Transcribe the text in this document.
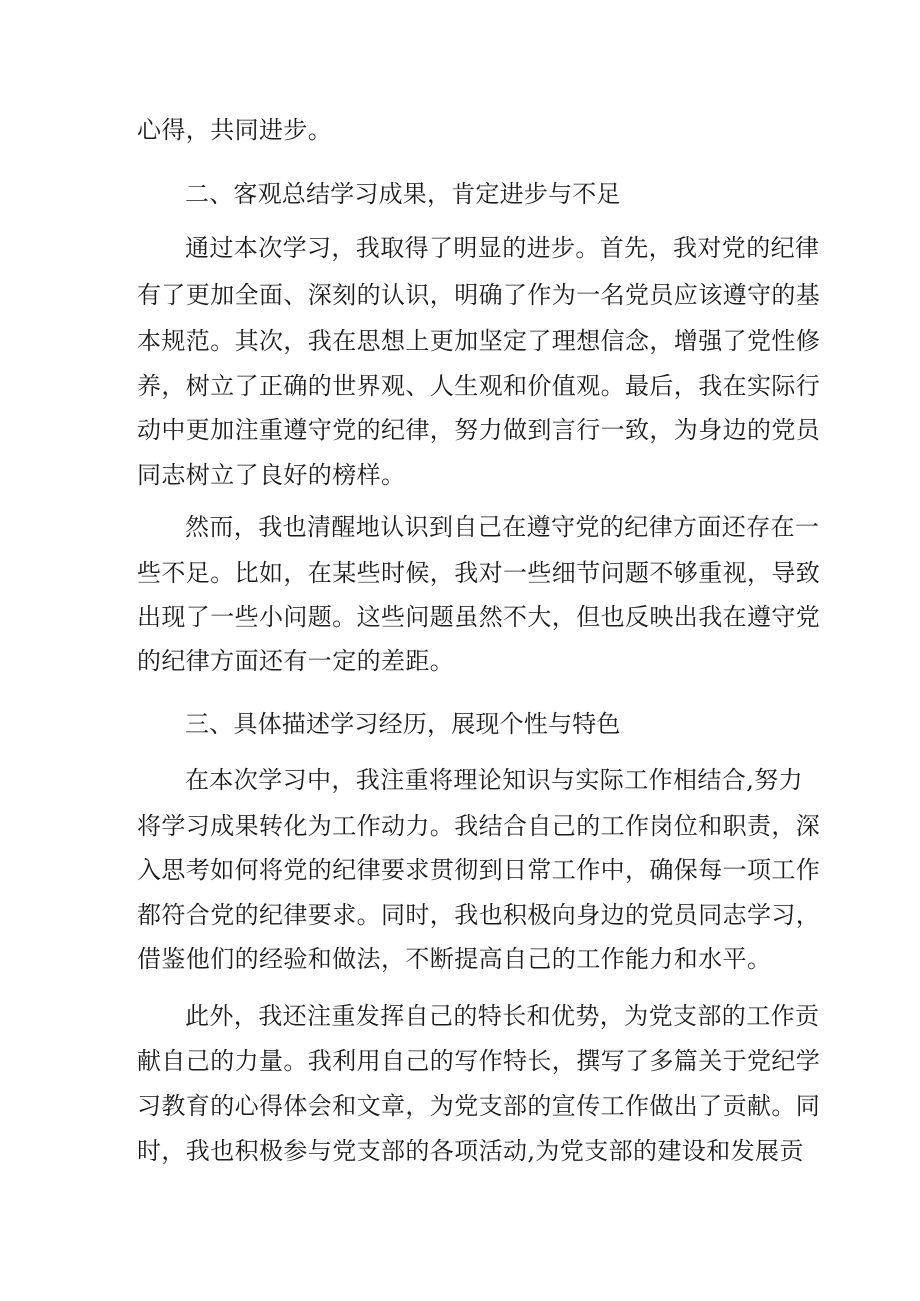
心得，共同进步。
二、客观总结学习成果，肯定进步与不足
通过本次学习，我取得了明显的进步。首先，我对党的纪律
有了更加全面、深刻的认识，明确了作为一名党员应该遵守的基
本规范。其次，我在思想上更加坚定了理想信念，增强了党性修
养，树立了正确的世界观、人生观和价值观。最后，我在实际行
动中更加注重遵守党的纪律，努力做到言行一致，为身边的党员
同志树立了良好的榜样。
然而，我也清醒地认识到自己在遵守党的纪律方面还存在一
些不足。比如，在某些时候，我对一些细节问题不够重视，导致
出现了一些小问题。这些问题虽然不大，但也反映出我在遵守党
的纪律方面还有一定的差距。
三、具体描述学习经历，展现个性与特色
在本次学习中，我注重将理论知识与实际工作相结合,努力
将学习成果转化为工作动力。我结合自己的工作岗位和职责，深
入思考如何将党的纪律要求贯彻到日常工作中，确保每一项工作
都符合党的纪律要求。同时，我也积极向身边的党员同志学习，
借鉴他们的经验和做法，不断提高自己的工作能力和水平。
此外，我还注重发挥自己的特长和优势，为党支部的工作贡
献自己的力量。我利用自己的写作特长，撰写了多篇关于党纪学
习教育的心得体会和文章，为党支部的宣传工作做出了贡献。同
时，我也积极参与党支部的各项活动,为党支部的建设和发展贡
